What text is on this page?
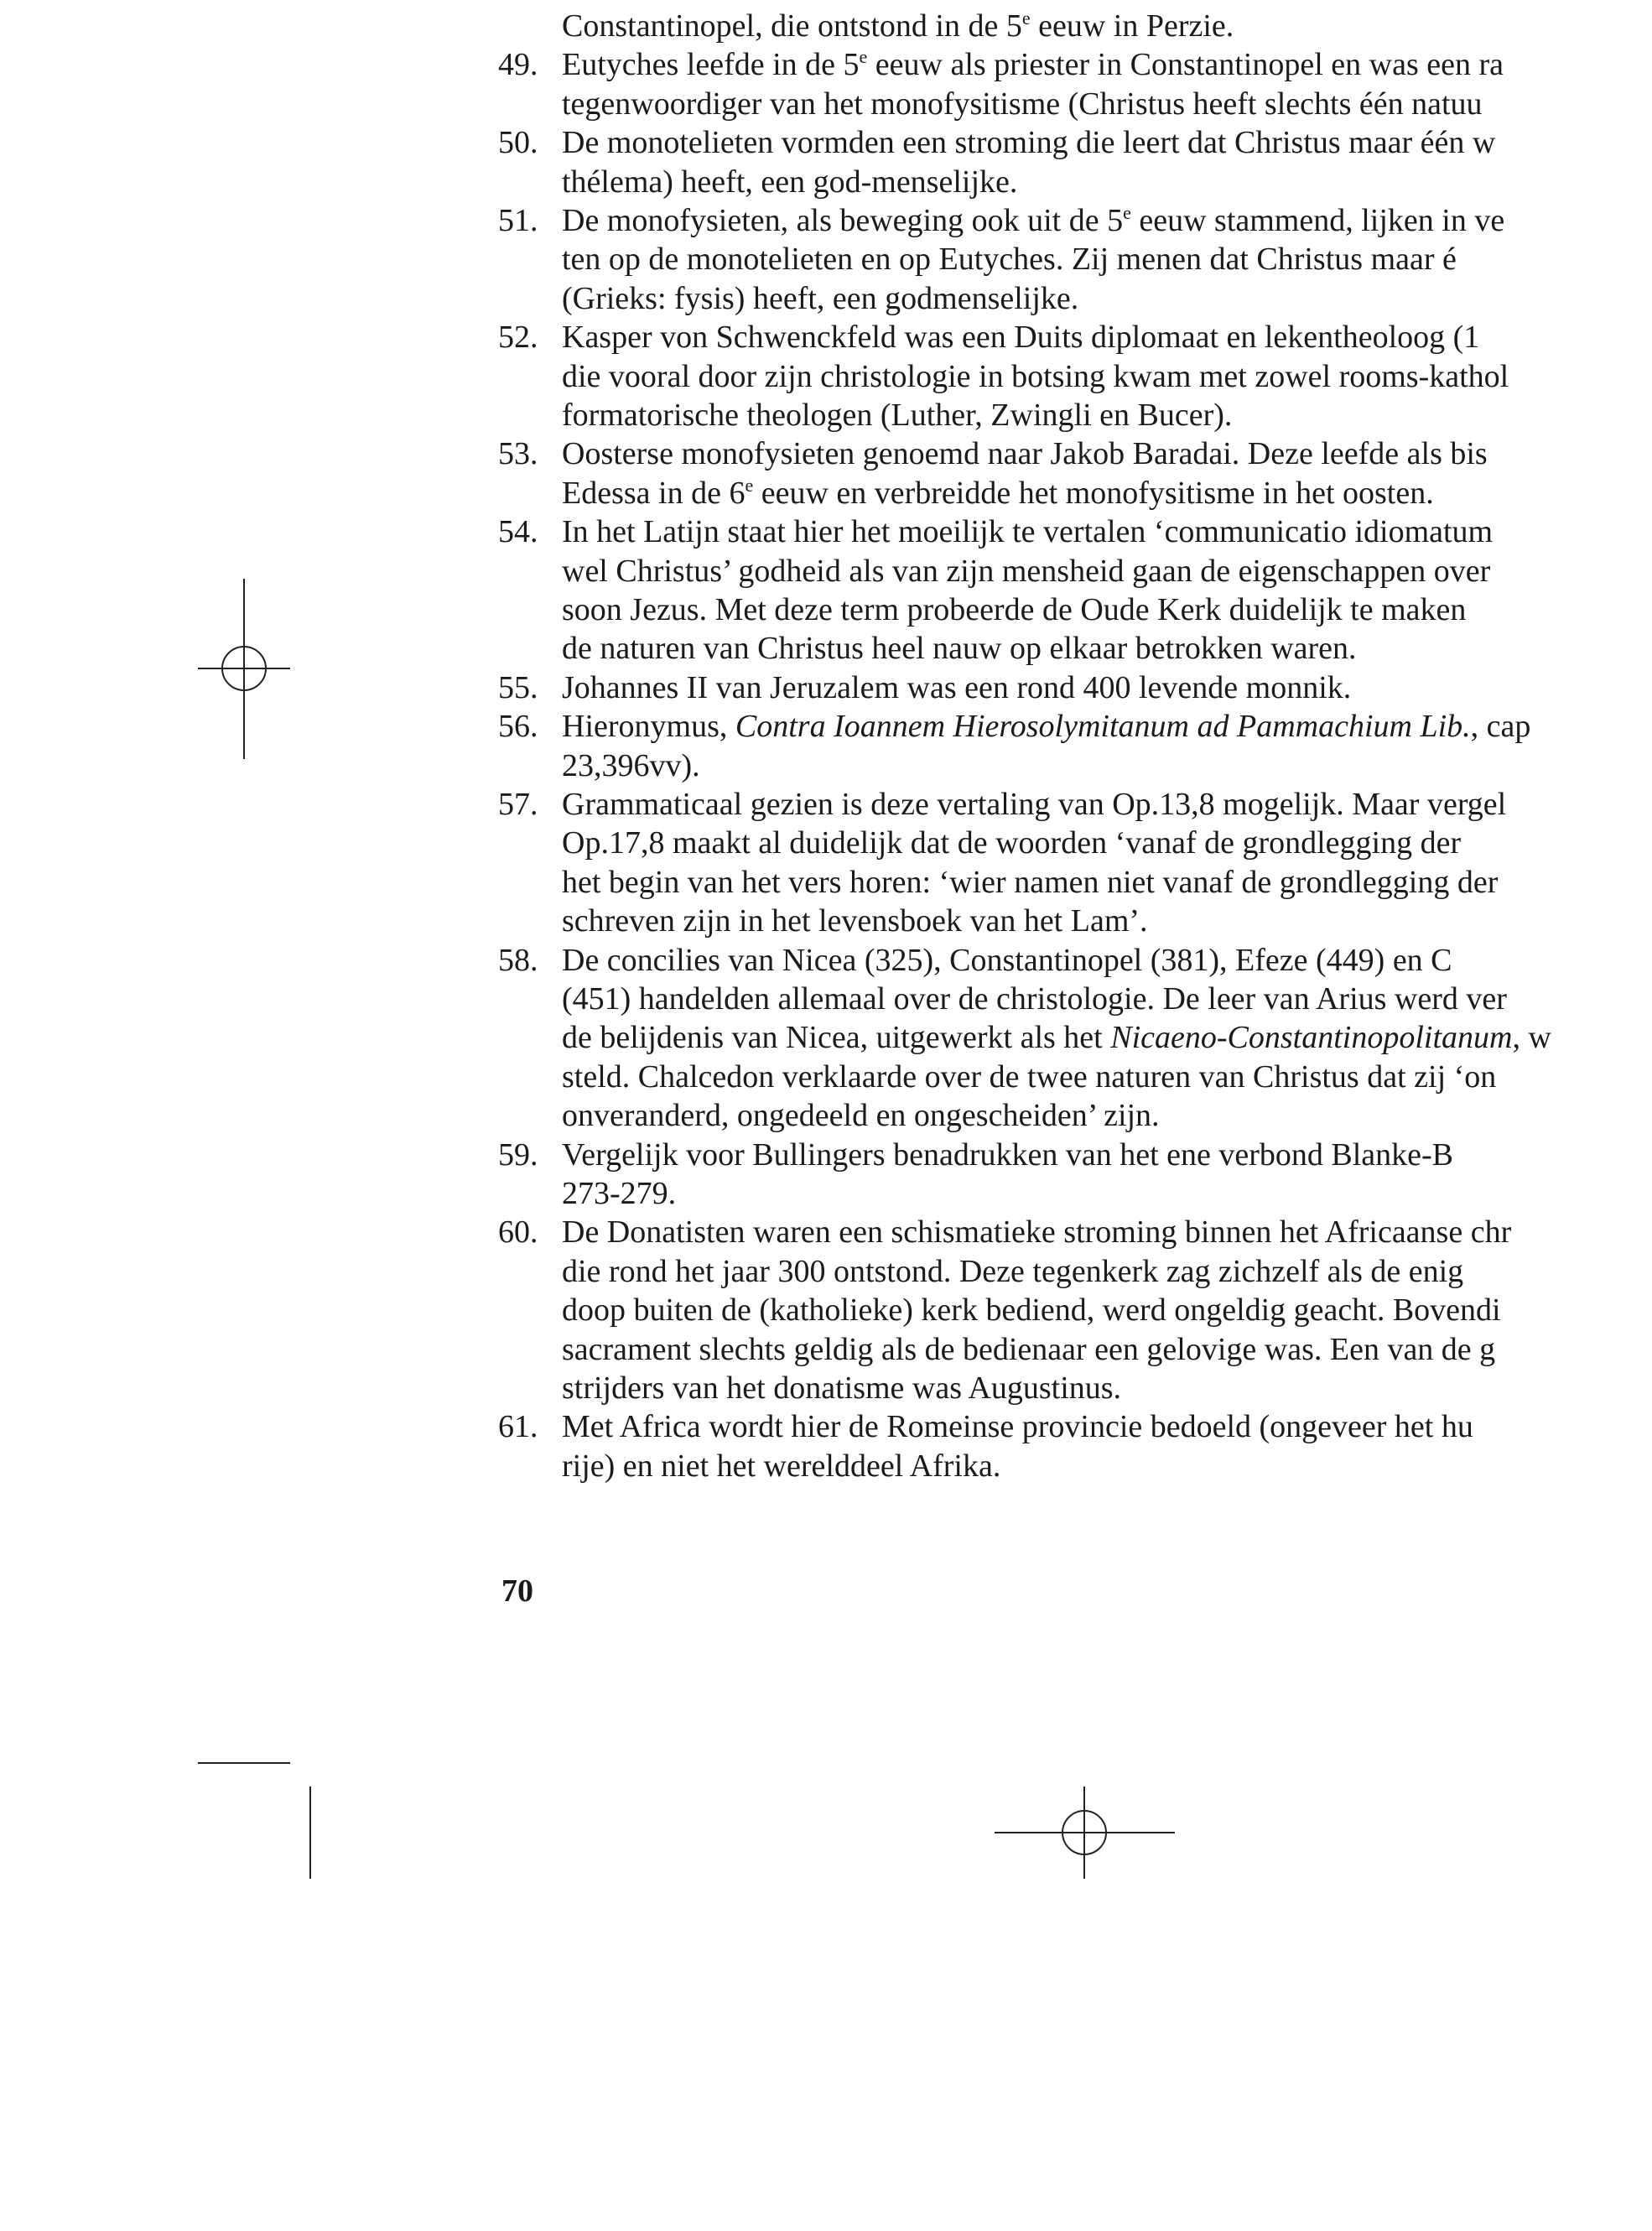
Constantinopel, die ontstond in de 5e eeuw in Perzie.
49. Eutyches leefde in de 5e eeuw als priester in Constantinopel en was een ra
tegenwoordiger van het monofysitisme (Christus heeft slechts één natuu
50. De monotelieten vormden een stroming die leert dat Christus maar één w
thélema) heeft, een god-menselijke.
51. De monofysieten, als beweging ook uit de 5e eeuw stammend, lijken in ve
ten op de monotelieten en op Eutyches. Zij menen dat Christus maar é
(Grieks: fysis) heeft, een godmenselijke.
52. Kasper von Schwenckfeld was een Duits diplomaat en lekentheoloog (1
die vooral door zijn christologie in botsing kwam met zowel rooms-kathol
formatorische theologen (Luther, Zwingli en Bucer).
53. Oosterse monofysieten genoemd naar Jakob Baradai. Deze leefde als bis
Edessa in de 6e eeuw en verbreidde het monofysitisme in het oosten.
54. In het Latijn staat hier het moeilijk te vertalen ‘communicatio idiomatum
wel Christus’ godheid als van zijn mensheid gaan de eigenschappen over
soon Jezus. Met deze term probeerde de Oude Kerk duidelijk te maken
de naturen van Christus heel nauw op elkaar betrokken waren.
55. Johannes II van Jeruzalem was een rond 400 levende monnik.
56. Hieronymus, Contra Ioannem Hierosolymitanum ad Pammachium Lib., cap
23,396vv).
57. Grammaticaal gezien is deze vertaling van Op.13,8 mogelijk. Maar vergel
Op.17,8 maakt al duidelijk dat de woorden ‘vanaf de grondlegging der
het begin van het vers horen: ‘wier namen niet vanaf de grondlegging der
schreven zijn in het levensboek van het Lam’.
58. De concilies van Nicea (325), Constantinopel (381), Efeze (449) en C
(451) handelden allemaal over de christologie. De leer van Arius werd ver
de belijdenis van Nicea, uitgewerkt als het Nicaeno-Constantinopolitanum, w
steld. Chalcedon verklaarde over de twee naturen van Christus dat zij ‘on
onveranderd, ongedeeld en ongescheiden’ zijn.
59. Vergelijk voor Bullingers benadrukken van het ene verbond Blanke-B
273-279.
60. De Donatisten waren een schismatieke stroming binnen het Africaanse chr
die rond het jaar 300 ontstond. Deze tegenkerk zag zichzelf als de enig
doop buiten de (katholieke) kerk bediend, werd ongeldig geacht. Bovendi
sacrament slechts geldig als de bedienaar een gelovige was. Een van de g
strijders van het donatisme was Augustinus.
61. Met Africa wordt hier de Romeinse provincie bedoeld (ongeveer het hu
rije) en niet het werelddeel Afrika.
70
